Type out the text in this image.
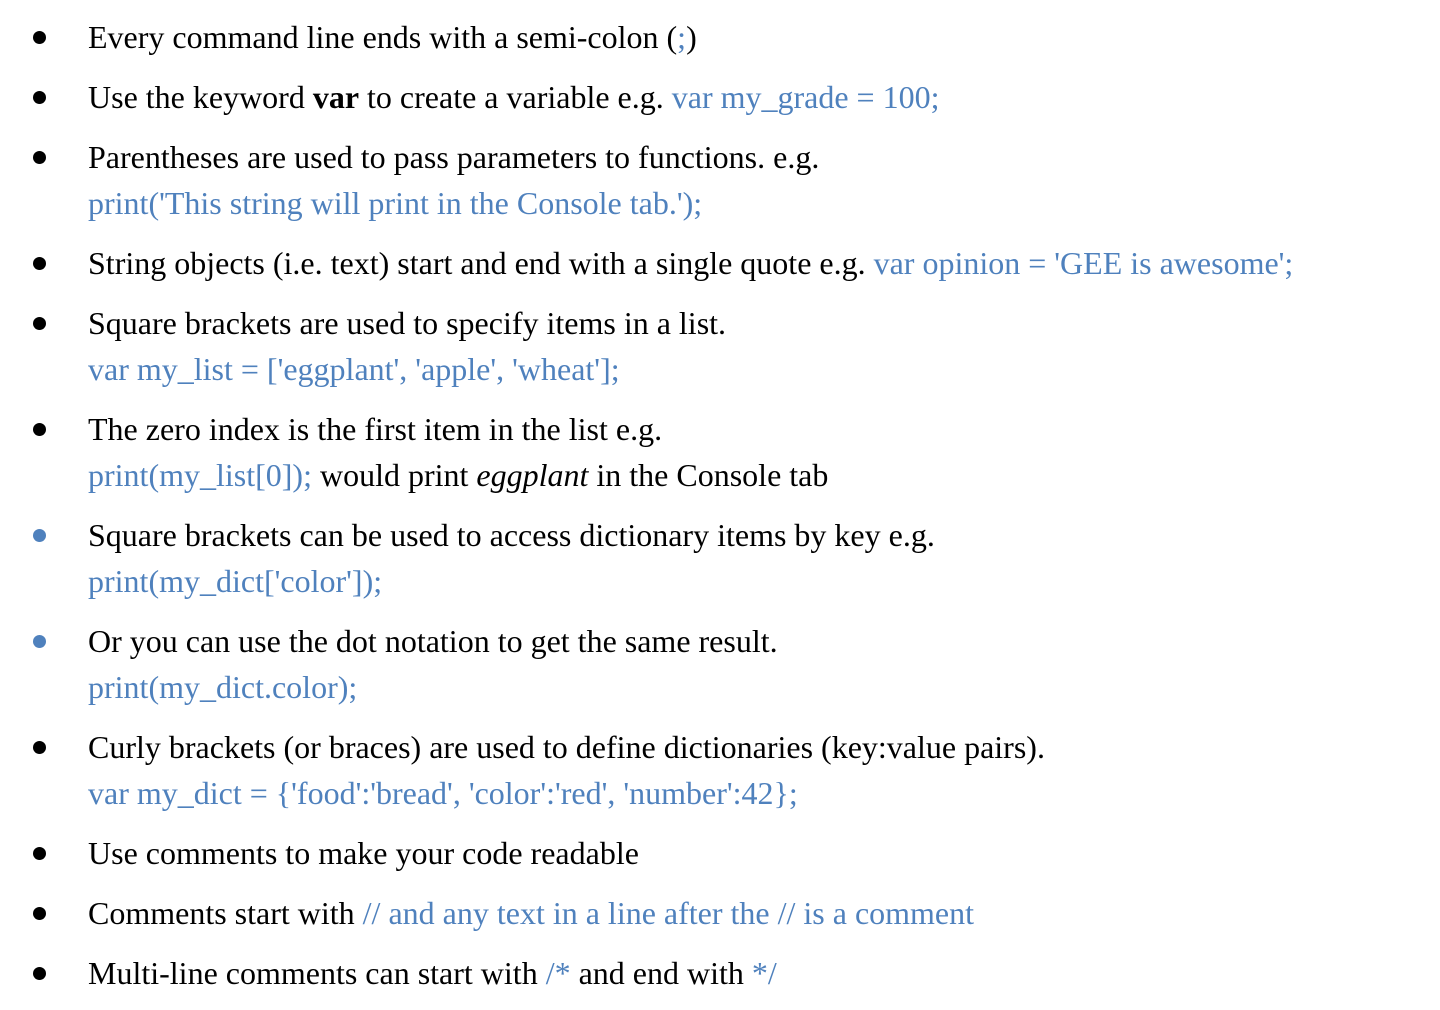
Every command line ends with a semi-colon (;)
Use the keyword var to create a variable e.g. var my_grade = 100;
Parentheses are used to pass parameters to functions. e.g.
print('This string will print in the Console tab.');
String objects (i.e. text) start and end with a single quote e.g. var opinion = 'GEE is awesome';
Square brackets are used to specify items in a list.
var my_list = ['eggplant', 'apple', 'wheat'];
The zero index is the first item in the list e.g.
print(my_list[0]); would print eggplant in the Console tab
Square brackets can be used to access dictionary items by key e.g.
print(my_dict['color']);
Or you can use the dot notation to get the same result.
print(my_dict.color);
Curly brackets (or braces) are used to define dictionaries (key:value pairs).
var my_dict = {'food':'bread', 'color':'red', 'number':42};
Use comments to make your code readable
Comments start with // and any text in a line after the // is a comment
Multi-line comments can start with /* and end with */
